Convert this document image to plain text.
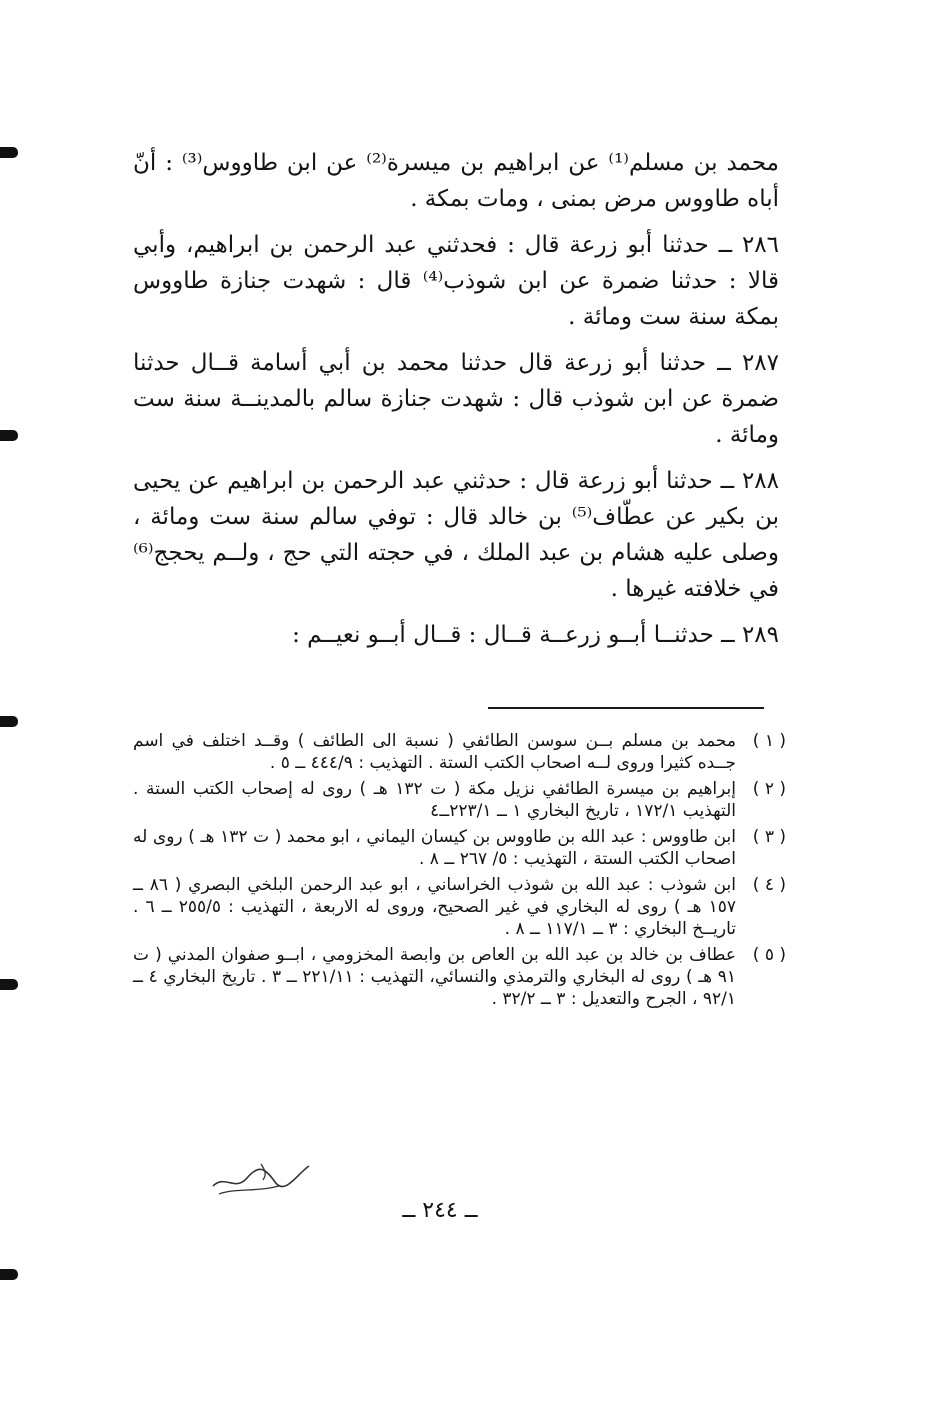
محمد بن مسلم⁽¹⁾ عن ابراهيم بن ميسرة⁽²⁾ عن ابن طاووس⁽³⁾ : أنّ أباه طاووس مرض بمنى ، ومات بمكة .

٢٨٦ ــ حدثنا أبو زرعة قال : فحدثني عبد الرحمن بن ابراهيم، وأبي قالا : حدثنا ضمرة عن ابن شوذب⁽⁴⁾ قال : شهدت جنازة طاووس بمكة سنة ست ومائة .

٢٨٧ ــ حدثنا أبو زرعة قال حدثنا محمد بن أبي أسامة قــال حدثنا ضمرة عن ابن شوذب قال : شهدت جنازة سالم بالمدينــة سنة ست ومائة .

٢٨٨ ــ حدثنا أبو زرعة قال : حدثني عبد الرحمن بن ابراهيم عن يحيى بن بكير عن عطّاف⁽⁵⁾ بن خالد قال : توفي سالم سنة ست ومائة ، وصلى عليه هشام بن عبد الملك ، في حجته التي حج ، ولــم يحجج⁽⁶⁾ في خلافته غيرها .

٢٨٩ ــ حدثنــا أبــو زرعــة قــال : قــال أبــو نعيــم :

( ١ )
محمد بن مسلم بــن سوسن الطائفي ( نسبة الى الطائف ) وقــد اختلف في اسم جــده كثيرا وروى لــه اصحاب الكتب الستة . التهذيب : ٤٤٤/٩ ــ ٥ .
( ٢ )
إبراهيم بن ميسرة الطائفي نزيل مكة ( ت ١٣٢ هـ ) روى له إصحاب الكتب الستة . التهذيب ١٧٢/١ ، تاريخ البخاري ١ ــ ٢٢٣/١ــ٤
( ٣ )
ابن طاووس : عبد الله بن طاووس بن كيسان اليماني ، ابو محمد ( ت ١٣٢ هـ ) روى له اصحاب الكتب الستة ، التهذيب : ٥/ ٢٦٧ ــ ٨ .
( ٤ )
ابن شوذب : عبد الله بن شوذب الخراساني ، ابو عبد الرحمن البلخي البصري ( ٨٦ ــ ١٥٧ هـ ) روى له البخاري في غير الصحيح، وروى له الاربعة ، التهذيب : ٢٥٥/٥ ــ ٦ . تاريــخ البخاري : ٣ ــ ١١٧/١ ــ ٨ .
( ٥ )
عطاف بن خالد بن عبد الله بن العاص بن وابصة المخزومي ، ابــو صفوان المدني ( ت ٩١ هـ ) روى له البخاري والترمذي والنسائي، التهذيب : ٢٢١/١١ ــ ٣ . تاريخ البخاري ٤ ــ ٩٢/١ ، الجرح والتعديل : ٣ ــ ٣٢/٢ .
ــ ٢٤٤ ــ
